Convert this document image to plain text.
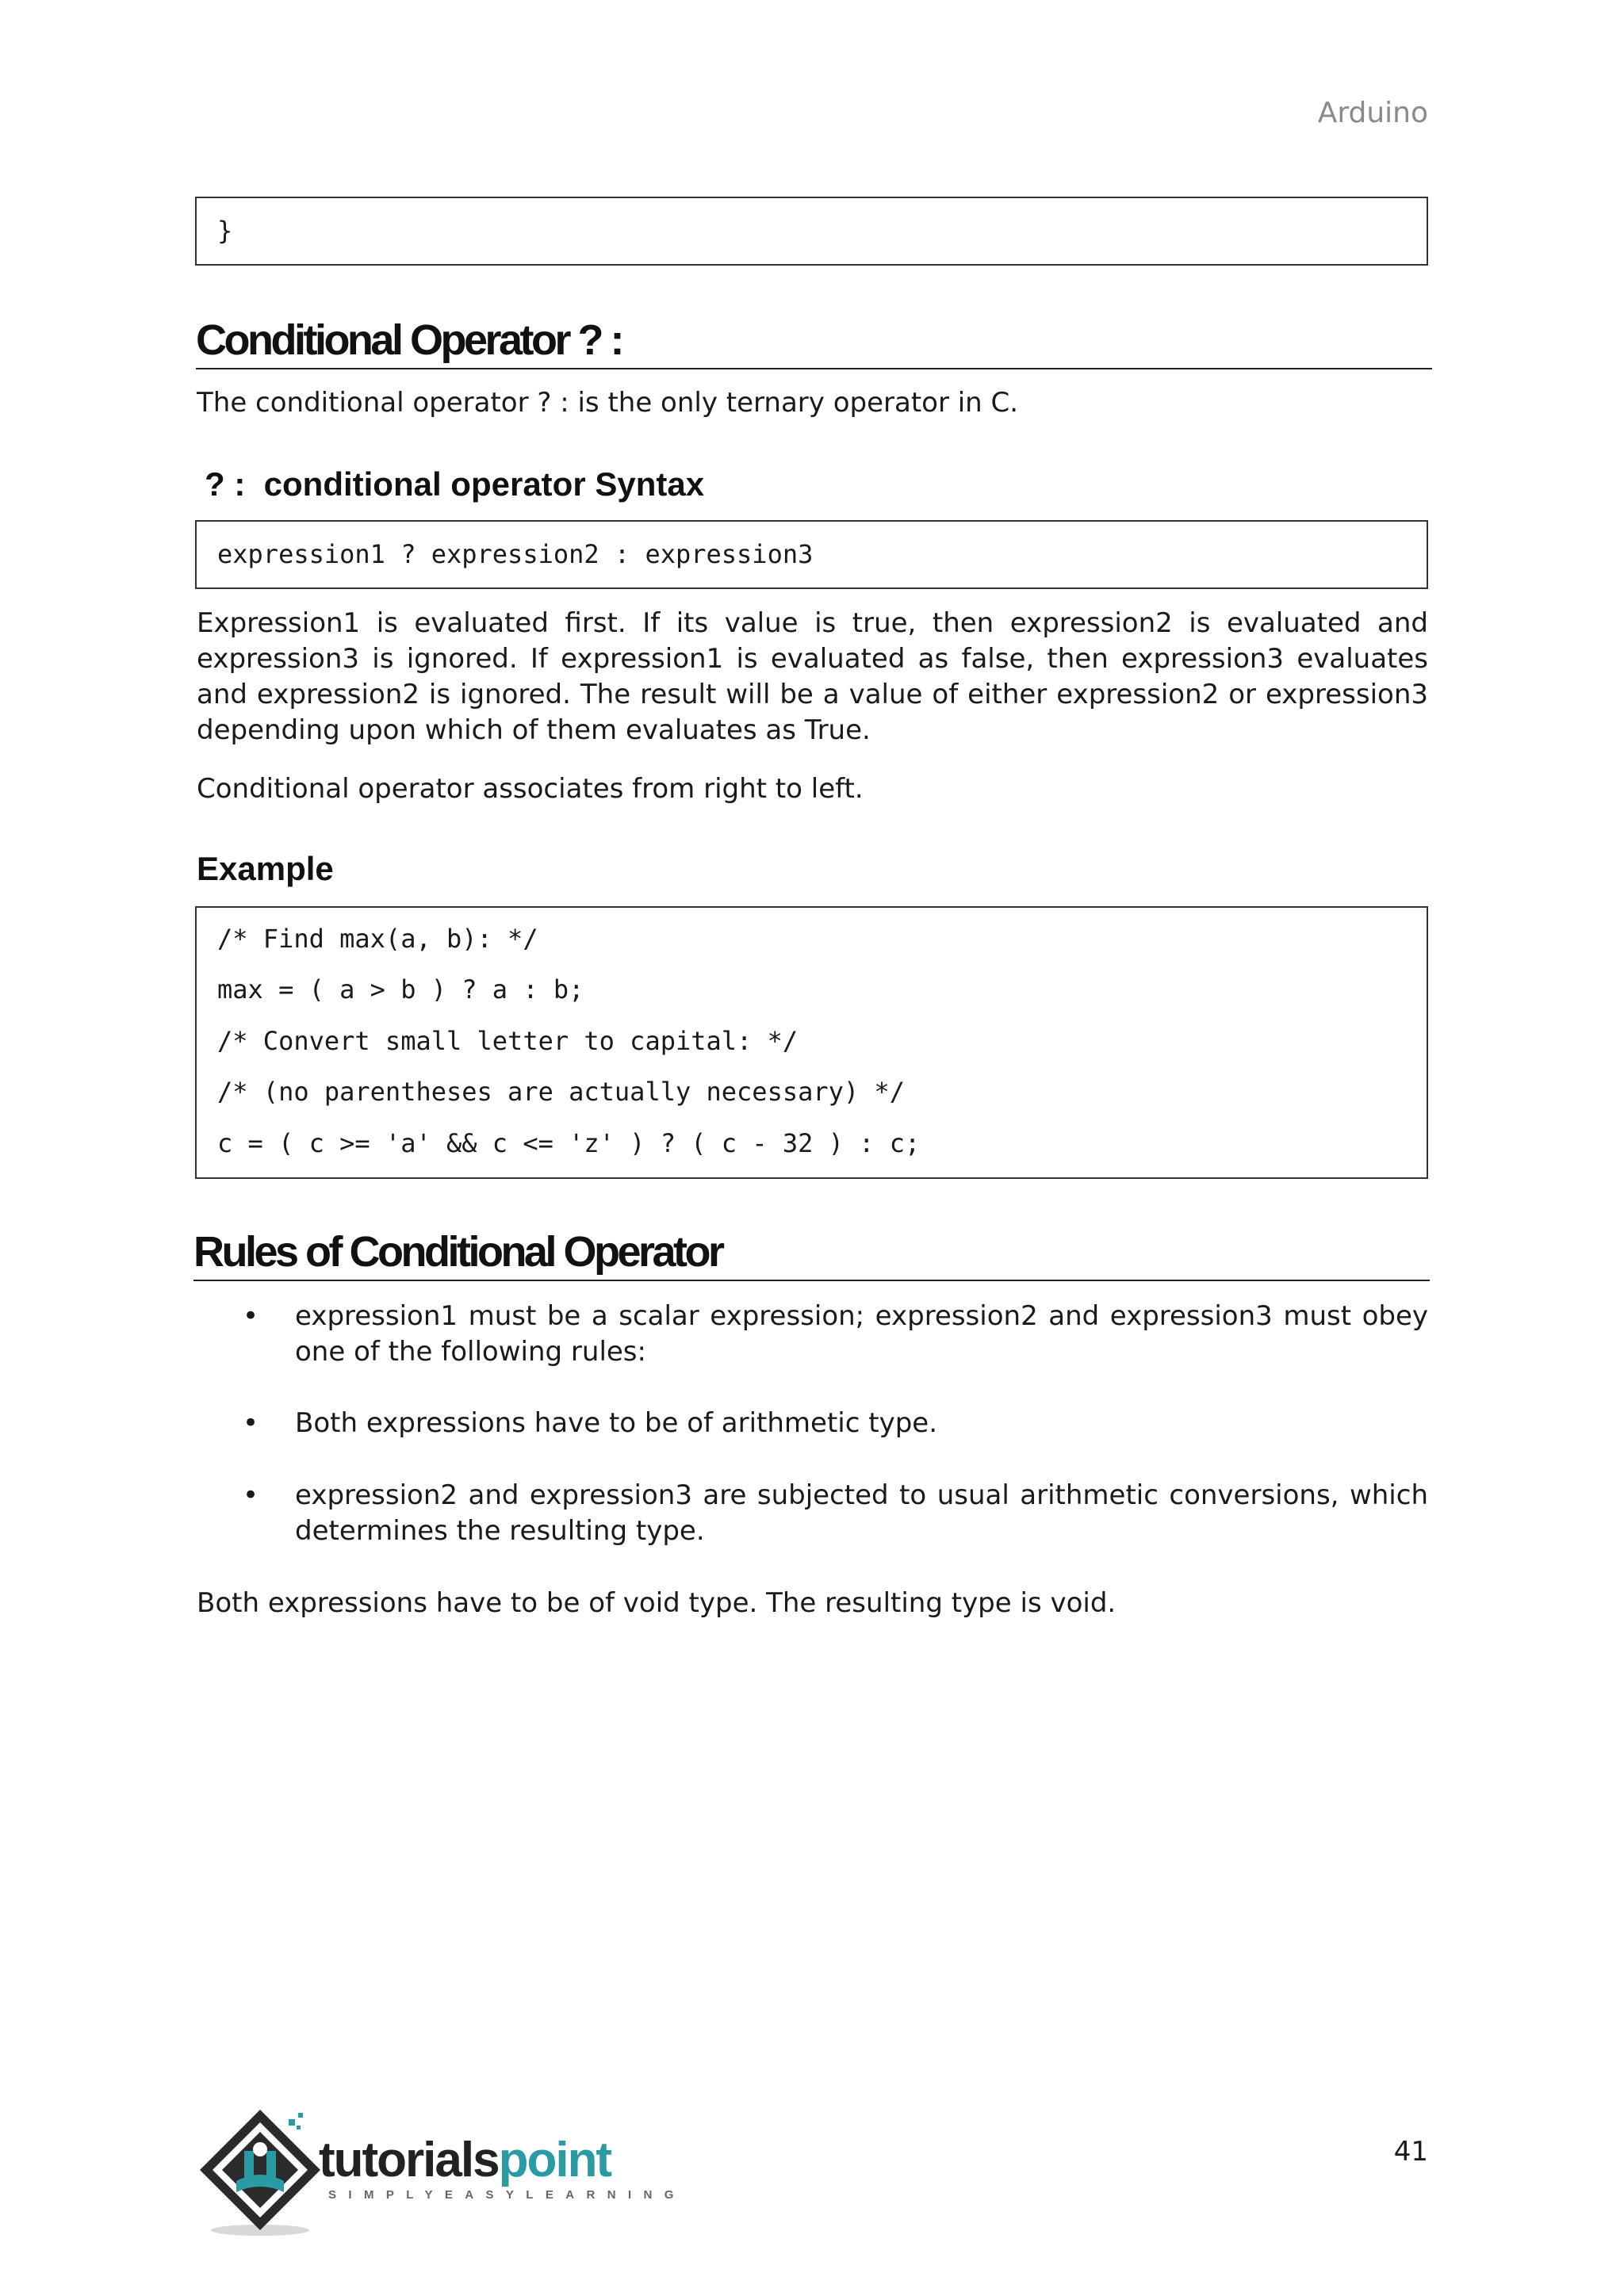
Arduino
}
Conditional Operator ? :
The conditional operator ? : is the only ternary operator in C.
? :  conditional operator Syntax
expression1 ? expression2 : expression3
Expression1 is evaluated first. If its value is true, then expression2 is evaluated and expression3 is ignored. If expression1 is evaluated as false, then expression3 evaluates and expression2 is ignored. The result will be a value of either expression2 or expression3 depending upon which of them evaluates as True.
Conditional operator associates from right to left.
Example
/* Find max(a, b): */
max = ( a > b ) ? a : b;
/* Convert small letter to capital: */
/* (no parentheses are actually necessary) */
c = ( c >= 'a' && c <= 'z' ) ? ( c - 32 ) : c;
Rules of Conditional Operator
• expression1 must be a scalar expression; expression2 and expression3 must obey one of the following rules:
• Both expressions have to be of arithmetic type.
• expression2 and expression3 are subjected to usual arithmetic conversions, which determines the resulting type.
Both expressions have to be of void type. The resulting type is void.
tutorialspoint
SIMPLYEASYLEARNING
41
